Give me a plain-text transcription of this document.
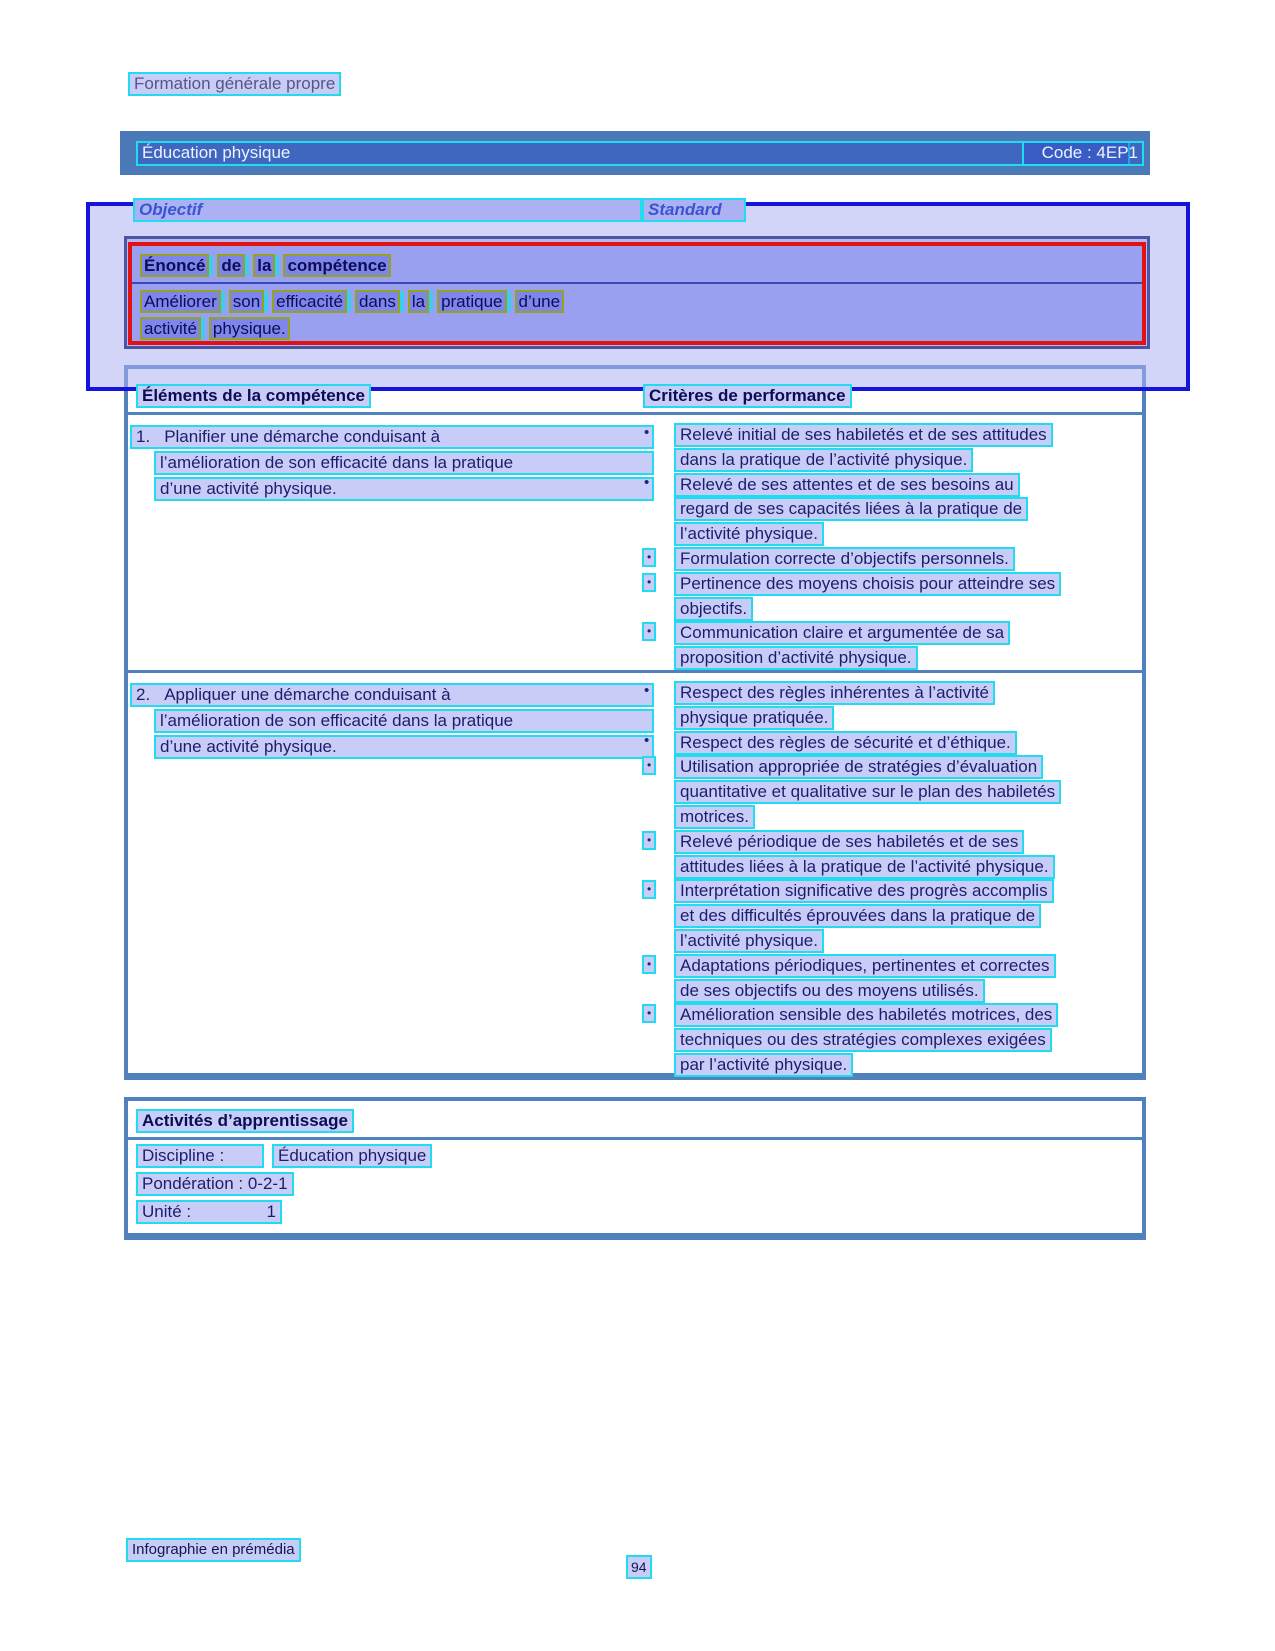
Formation générale propre
Éducation physique	Code : 4EP1
Objectif	Standard
Énoncé de la compétence
Améliorer son efficacité dans la pratique d’une
activité physique.
Éléments de la compétence	Critères de performance
1. Planifier une démarche conduisant à
l’amélioration de son efficacité dans la pratique
d’une activité physique.
• Relevé initial de ses habiletés et de ses attitudes
dans la pratique de l’activité physique.
• Relevé de ses attentes et de ses besoins au
regard de ses capacités liées à la pratique de
l’activité physique.
• Formulation correcte d’objectifs personnels.
• Pertinence des moyens choisis pour atteindre ses
objectifs.
• Communication claire et argumentée de sa
proposition d’activité physique.
2. Appliquer une démarche conduisant à
l’amélioration de son efficacité dans la pratique
d’une activité physique.
• Respect des règles inhérentes à l’activité
physique pratiquée.
• Respect des règles de sécurité et d’éthique.
• Utilisation appropriée de stratégies d’évaluation
quantitative et qualitative sur le plan des habiletés
motrices.
• Relevé périodique de ses habiletés et de ses
attitudes liées à la pratique de l’activité physique.
• Interprétation significative des progrès accomplis
et des difficultés éprouvées dans la pratique de
l’activité physique.
• Adaptations périodiques, pertinentes et correctes
de ses objectifs ou des moyens utilisés.
• Amélioration sensible des habiletés motrices, des
techniques ou des stratégies complexes exigées
par l’activité physique.
Activités d’apprentissage
Discipline :	Éducation physique
Pondération : 0-2-1
Unité :	1
Infographie en prémédia
94
